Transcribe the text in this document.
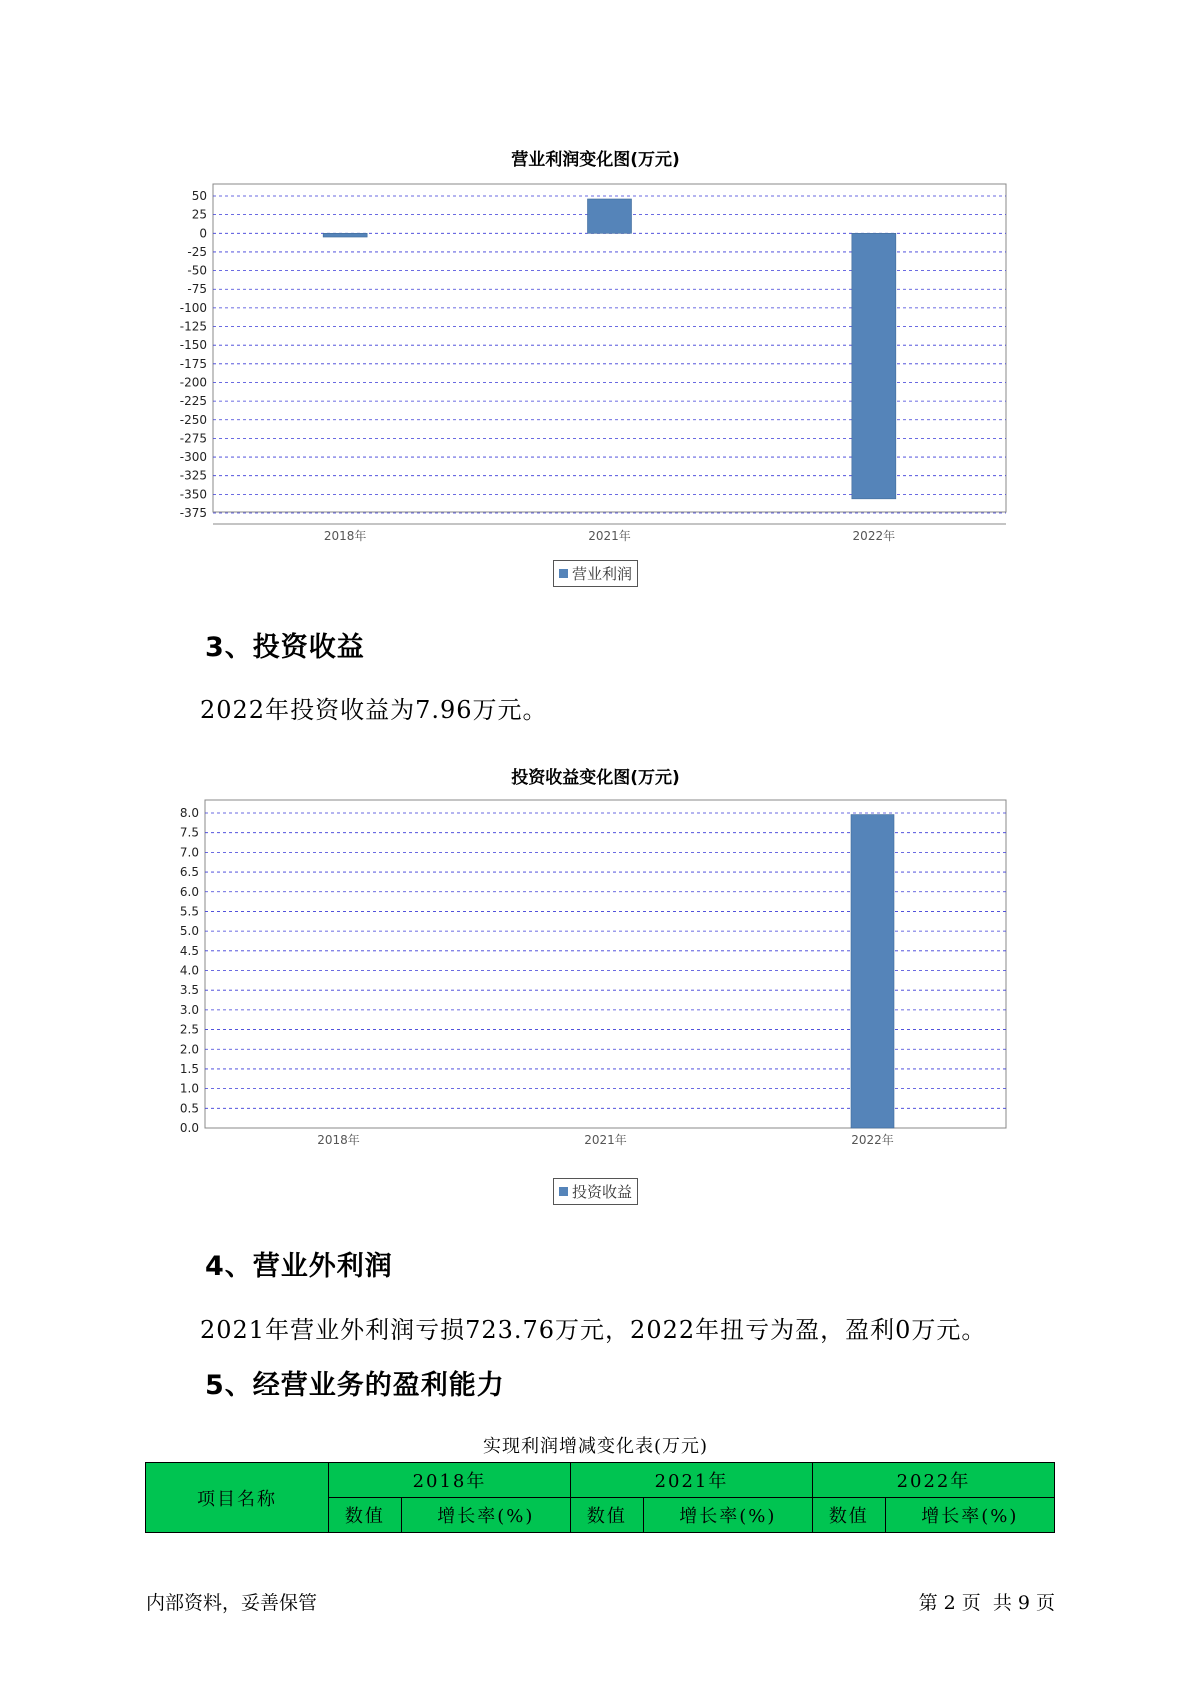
营业利润变化图(万元)
50
25
0
-25
-50
-75
-100
-125
-150
-175
-200
-225
-250
-275
-300
-325
-350
-375
2018年	2021年	2022年
营业利润
3、投资收益
2022年投资收益为7.96万元。
投资收益变化图(万元)
8.0
7.5
7.0
6.5
6.0
5.5
5.0
4.5
4.0
3.5
3.0
2.5
2.0
1.5
1.0
0.5
0.0
2018年	2021年	2022年
投资收益
4、营业外利润
2021年营业外利润亏损723.76万元，2022年扭亏为盈，盈利0万元。
5、经营业务的盈利能力
实现利润增减变化表(万元)
项目名称	2018年		2021年		2022年	
	数值	增长率(%)	数值	增长率(%)	数值	增长率(%)
内部资料，妥善保管	第 2 页  共 9 页
